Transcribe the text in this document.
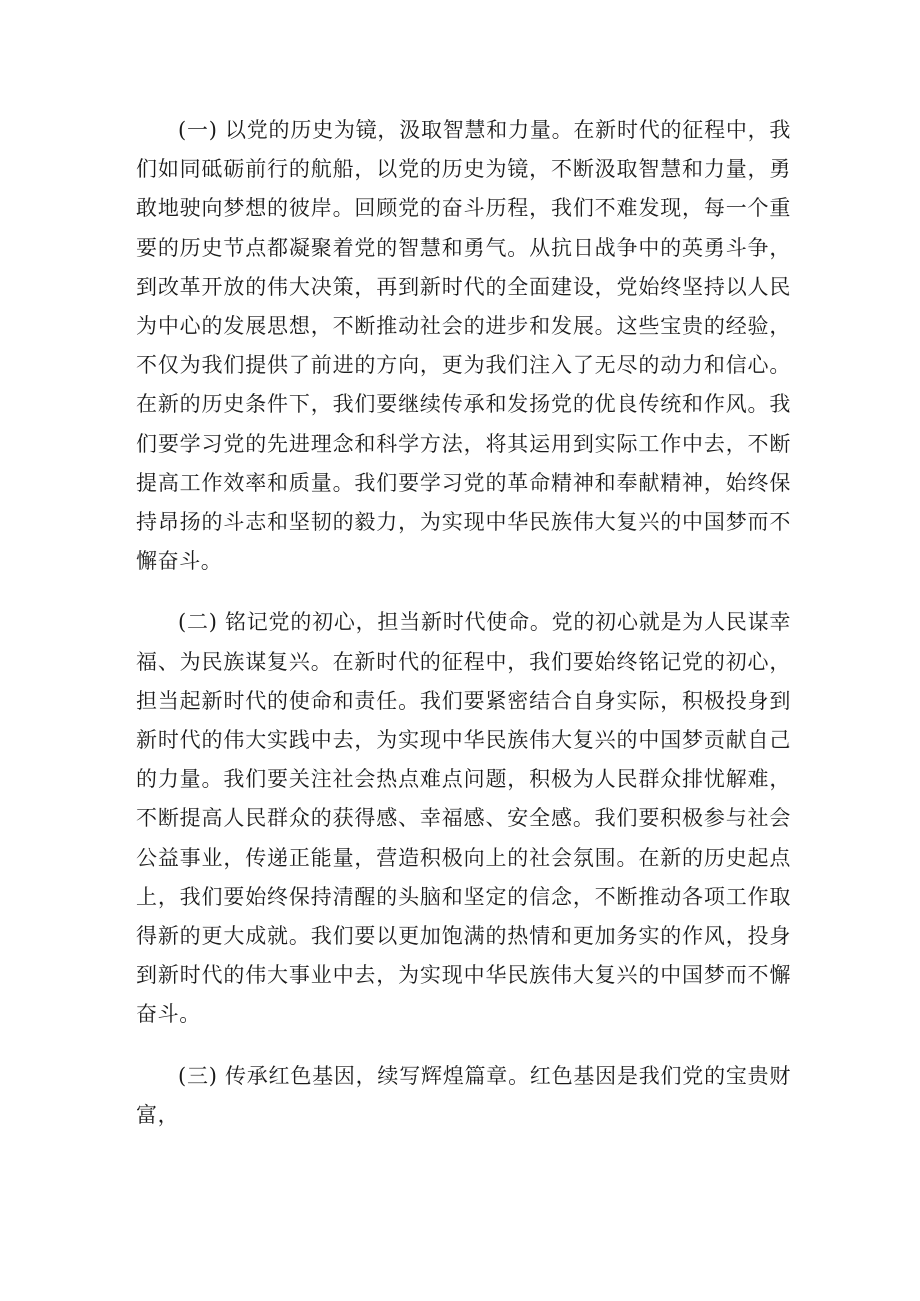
(一) 以党的历史为镜，汲取智慧和力量。在新时代的征程中，我们如同砥砺前行的航船，以党的历史为镜，不断汲取智慧和力量，勇敢地驶向梦想的彼岸。回顾党的奋斗历程，我们不难发现，每一个重要的历史节点都凝聚着党的智慧和勇气。从抗日战争中的英勇斗争，到改革开放的伟大决策，再到新时代的全面建设，党始终坚持以人民为中心的发展思想，不断推动社会的进步和发展。这些宝贵的经验，不仅为我们提供了前进的方向，更为我们注入了无尽的动力和信心。在新的历史条件下，我们要继续传承和发扬党的优良传统和作风。我们要学习党的先进理念和科学方法，将其运用到实际工作中去，不断提高工作效率和质量。我们要学习党的革命精神和奉献精神，始终保持昂扬的斗志和坚韧的毅力，为实现中华民族伟大复兴的中国梦而不懈奋斗。

(二) 铭记党的初心，担当新时代使命。党的初心就是为人民谋幸福、为民族谋复兴。在新时代的征程中，我们要始终铭记党的初心，担当起新时代的使命和责任。我们要紧密结合自身实际，积极投身到新时代的伟大实践中去，为实现中华民族伟大复兴的中国梦贡献自己的力量。我们要关注社会热点难点问题，积极为人民群众排忧解难，不断提高人民群众的获得感、幸福感、安全感。我们要积极参与社会公益事业，传递正能量，营造积极向上的社会氛围。在新的历史起点上，我们要始终保持清醒的头脑和坚定的信念，不断推动各项工作取得新的更大成就。我们要以更加饱满的热情和更加务实的作风，投身到新时代的伟大事业中去，为实现中华民族伟大复兴的中国梦而不懈奋斗。

(三) 传承红色基因，续写辉煌篇章。红色基因是我们党的宝贵财富，
